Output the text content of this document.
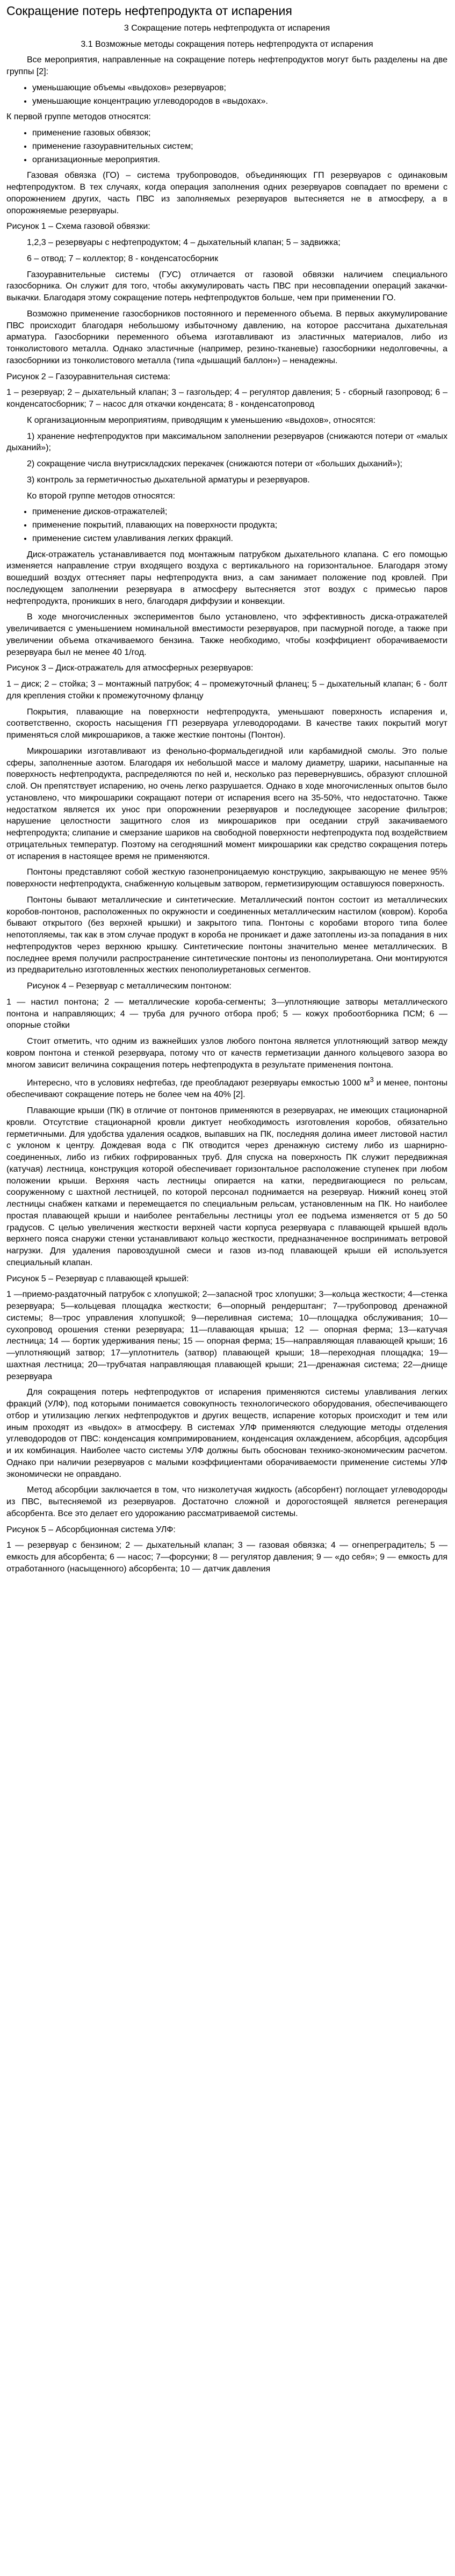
Сокращение потерь нефтепродукта от испарения

3 Сокращение потерь нефтепродукта от испарения

3.1 Возможные методы сокращения потерь нефтепродукта от испарения

Все мероприятия, направленные на сокращение потерь нефтепродуктов могут быть разделены на две группы [2]:

• уменьшающие объемы «выдохов» резервуаров;
• уменьшающие концентрацию углеводородов в «выдохах».

К первой группе методов относятся:

• применение газовых обвязок;
• применение газоуравнительных систем;
• организационные мероприятия.

Газовая обвязка (ГО) – система трубопроводов, объединяющих ГП резервуаров с одинаковым нефтепродуктом. В тех случаях, когда операция заполнения одних резервуаров совпадает по времени с опорожнением других, часть ПВС из заполняемых резервуаров вытесняется не в атмосферу, а в опорожняемые резервуары.

Рисунок 1 – Схема газовой обвязки:

1,2,3 – резервуары с нефтепродуктом; 4 – дыхательный клапан; 5 – задвижка;

6 – отвод; 7 – коллектор; 8 - конденсатосборник

Газоуравнительные системы (ГУС) отличается от газовой обвязки наличием специального газосборника. Он служит для того, чтобы аккумулировать часть ПВС при несовпадении операций закачки-выкачки. Благодаря этому сокращение потерь нефтепродуктов больше, чем при применении ГО.

Возможно применение газосборников постоянного и переменного объема. В первых аккумулирование ПВС происходит благодаря небольшому избыточному давлению, на которое рассчитана дыхательная арматура. Газосборники переменного объема изготавливают из эластичных материалов, либо из тонколистового металла. Однако эластичные (например, резино-тканевые) газосборники недолговечны, а газосборники из тонколистового металла (типа «дышащий баллон») – ненадежны.

Рисунок 2 – Газоуравнительная система:

1 – резервуар; 2 – дыхательный клапан; 3 – газгольдер; 4 – регулятор давления; 5 - сборный газопровод; 6 – конденсатосборник; 7 – насос для откачки конденсата; 8 - конденсатопровод

К организационным мероприятиям, приводящим к уменьшению «выдохов», относятся:

1) хранение нефтепродуктов при максимальном заполнении резервуаров (снижаются потери от «малых дыханий»);

2) сокращение числа внутрискладских перекачек (снижаются потери от «больших дыханий»);

3) контроль за герметичностью дыхательной арматуры и резервуаров.

Ко второй группе методов относятся:

• применение дисков-отражателей;
• применение покрытий, плавающих на поверхности продукта;
• применение систем улавливания легких фракций.

Диск-отражатель устанавливается под монтажным патрубком дыхательного клапана. С его помощью изменяется направление струи входящего воздуха с вертикального на горизонтальное. Благодаря этому вошедший воздух оттесняет пары нефтепродукта вниз, а сам занимает положение под кровлей. При последующем заполнении резервуара в атмосферу вытесняется этот воздух с примесью паров нефтепродукта, проникших в него, благодаря диффузии и конвекции.

В ходе многочисленных экспериментов было установлено, что эффективность диска-отражателей увеличивается с уменьшением номинальной вместимости резервуаров, при пасмурной погоде, а также при увеличении объема откачиваемого бензина. Также необходимо, чтобы коэффициент оборачиваемости резервуара был не менее 40 1/год.

Рисунок 3 – Диск-отражатель для атмосферных резервуаров:

1 – диск; 2 – стойка; 3 – монтажный патрубок; 4 – промежуточный фланец; 5 – дыхательный клапан; 6 - болт для крепления стойки к промежуточному фланцу

Покрытия, плавающие на поверхности нефтепродукта, уменьшают поверхность испарения и, соответственно, скорость насыщения ГП резервуара углеводородами. В качестве таких покрытий могут применяться слой микрошариков, а также жесткие понтоны (Понтон).

Микрошарики изготавливают из фенольно-формальдегидной или карбамидной смолы. Это полые сферы, заполненные азотом. Благодаря их небольшой массе и малому диаметру, шарики, насыпанные на поверхность нефтепродукта, распределяются по ней и, несколько раз перевернувшись, образуют сплошной слой. Он препятствует испарению, но очень легко разрушается. Однако в ходе многочисленных опытов было установлено, что микрошарики сокращают потери от испарения всего на 35-50%, что недостаточно. Также недостатком является их уноc при опорожнении резервуаров и последующее засорение фильтров; нарушение целостности защитного слоя из микрошариков при оседании струй закачиваемого нефтепродукта; слипание и смерзание шариков на свободной поверхности нефтепродукта под воздействием отрицательных температур. Поэтому на сегодняшний момент микрошарики как средство сокращения потерь от испарения в настоящее время не применяются.

Понтоны представляют собой жесткую газонепроницаемую конструкцию, закрывающую не менее 95% поверхности нефтепродукта, снабженную кольцевым затвором, герметизирующим оставшуюся поверхность.

Понтоны бывают металлические и синтетические. Металлический понтон состоит из металлических коробов-понтонов, расположенных по окружности и соединенных металлическим настилом (ковром). Коробa бывают открытого (без верхней крышки) и закрытого типа. Понтоны с коробами второго типа более непотопляемы, так как в этом случае продукт в коробa не проникает и даже затоплены из-за попадания в них нефтепродуктов через верхнюю крышку. Синтетические понтоны значительно менее металлических. В последнее время получили распространение синтетические понтоны из пенополиуретана. Они монтируются из предварительно изготовленных жестких пенополиуретановых сегментов.

Рисунок 4 – Резервуар с металлическим понтоном:

1 — настил понтона; 2 — металлические короба-сегменты; 3—уплотняющие затворы металлического понтона и направляющих; 4 — труба для ручного отбора проб; 5 — кожух пробоотборника ПСМ; 6 — опорные стойки

Стоит отметить, что одним из важнейших узлов любого понтона является уплотняющий затвор между ковром понтона и стенкой резервуара, потому что от качеств герметизации данного кольцевого зазора во многом зависит величина сокращения потерь нефтепродукта в результате применения понтона.

Интересно, что в условиях нефтебаз, где преобладают резервуары емкостью 1000 $м^3$ и менее, понтоны обеспечивают сокращение потерь не более чем на 40% [2].

Плавающие крыши (ПК) в отличие от понтонов применяются в резервуарах, не имеющих стационарной кровли. Отсутствие стационарной кровли диктует необходимость изготовления коробов, обязательно герметичными. Для удобства удаления осадков, выпавших на ПК, последняя долина имеет листовой настил с уклоном к центру. Дождевая вода с ПК отводится через дренажную систему либо из шарнирно-соединенных, либо из гибких гофрированных труб. Для спуска на поверхность ПК служит передвижная (катучая) лестница, конструкция которой обеспечивает горизонтальное расположение ступенек при любом положении крыши. Верхняя часть лестницы опирается на катки, передвигающиеся по рельсам, сооруженному с шахтной лестницей, по которой персонал поднимается на резервуар. Нижний конец этой лестницы снабжен катками и перемещается по специальным рельсам, установленным на ПК. Но наиболее простая плавающей крыши и наиболее рентабельны лестницы угол ее подъема изменяется от 5 до 50 градусов. С целью увеличения жесткости верхней части корпуса резервуара с плавающей крышей вдоль верхнего пояса снаружи стенки устанавливают кольцо жесткости, предназначенное воспринимать ветровой нагрузки. Для удаления паровоздушной смеси и газов из-под плавающей крыши ей используется специальный клапан.

Рисунок 5 – Резервуар с плавающей крышей:

1 —приемо-раздаточный патрубок с хлопушкой; 2—запасной трос хлопушки; 3—кольца жесткости; 4—стенка резервуара; 5—кольцевая площадка жесткости; 6—опорный рендерштанг; 7—трубопровод дренажной системы; 8—трос управления хлопушкой; 9—переливная система; 10—площадка обслуживания; 10—сухопровод орошения стенки резервуара; 11—плавающая крыша; 12 — опорная ферма; 13—катучая лестница; 14 — бортик удерживания пены; 15 — опорная ферма; 15—направляющая плавающей крыши; 16—уплотняющий затвор; 17—уплотнитель (затвор) плавающей крыши; 18—переходная площадка; 19—шахтная лестница; 20—трубчатая направляющая плавающей крыши; 21—дренажная система; 22—днище резервуара

Для сокращения потерь нефтепродуктов от испарения применяются системы улавливания легких фракций (УЛФ), под которыми понимается совокупность технологического оборудования, обеспечивающего отбор и утилизацию легких нефтепродуктов и других веществ, испарение которых происходит и тем или иным проходят из «выдох» в атмосферу. В системах УЛФ применяются следующие методы отделения углеводородов от ПВС: конденсация компримированием, конденсация охлаждением, абсорбция, адсорбция и их комбинация. Наиболее часто системы УЛФ должны быть обоснован технико-экономическим расчетом. Однако при наличии резервуаров с малыми коэффициентами оборачиваемости применение системы УЛФ экономически не оправдано.

Метод абсорбции заключается в том, что низколетучая жидкость (абсорбент) поглощает углеводороды из ПВС, вытесняемой из резервуаров. Достаточно сложной и дорогостоящей является регенерация абсорбента. Все это делает его удорожанию рассматриваемой системы.

Рисунок 5 – Абсорбционная система УЛФ:

1 — резервуар с бензином; 2 — дыхательный клапан; 3 — газовая обвязка; 4 — огнепреградитель; 5 — емкость для абсорбента; 6 — насос; 7—форсунки; 8 — регулятор давления; 9 — «до себя»; 9 — емкость для отработанного (насыщенного) абсорбента; 10 — датчик давления
